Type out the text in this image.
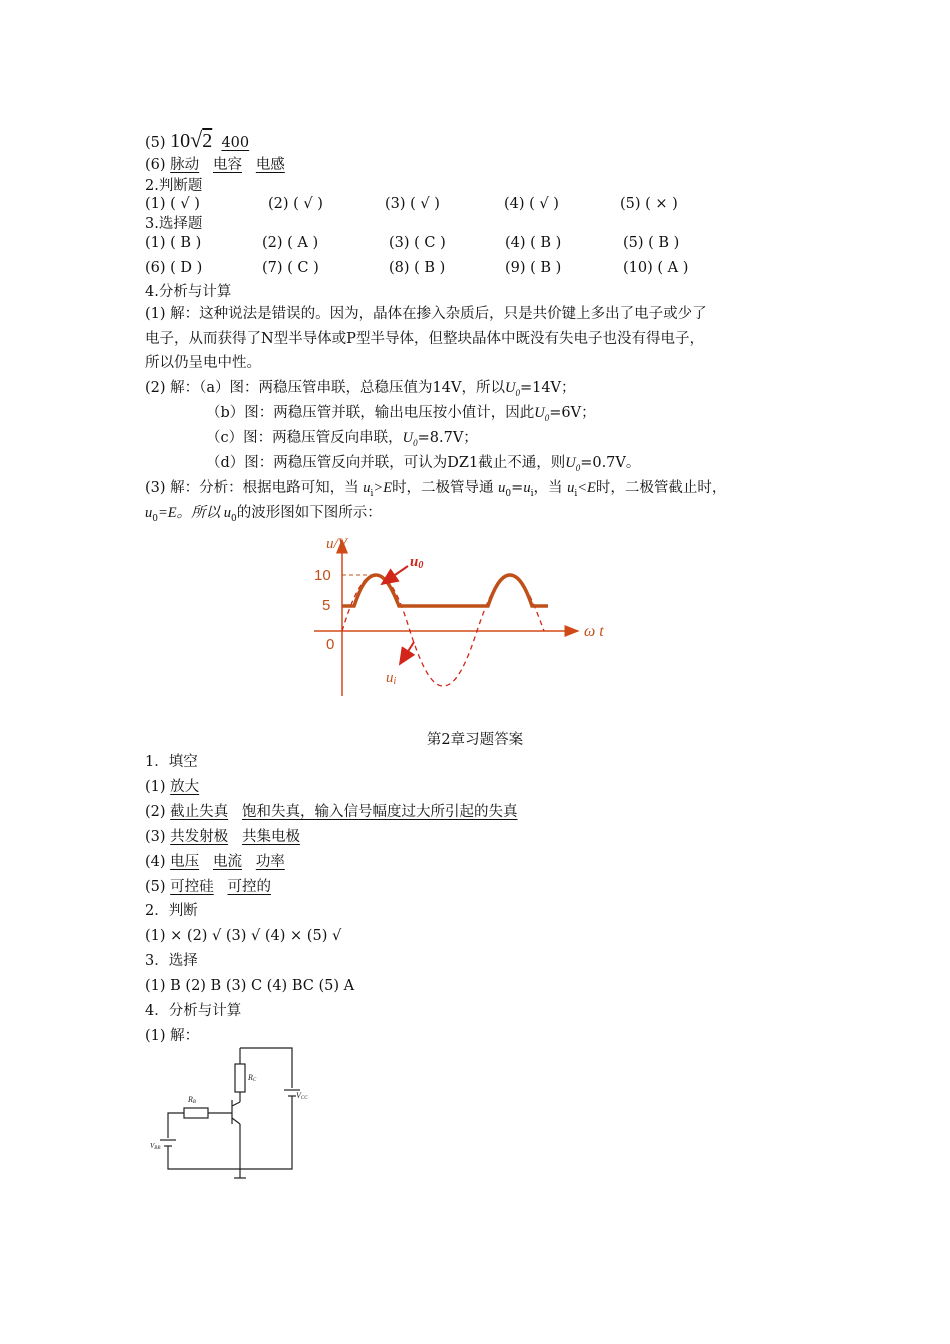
(5) 10√2 400
(6) 脉动 电容 电感
2.判断题
(1) ( √ )	(2) ( √ )	(3) ( √ )	(4) ( √ )	(5) ( × )
3.选择题
(1) ( B )	(2) ( A )	(3) ( C )	(4) ( B )	(5) ( B )
(6) ( D )	(7) ( C )	(8) ( B )	(9) ( B )	(10) ( A )
4.分析与计算
(1) 解：这种说法是错误的。因为，晶体在掺入杂质后，只是共价键上多出了电子或少了
电子，从而获得了N型半导体或P型半导体，但整块晶体中既没有失电子也没有得电子，
所以仍呈电中性。
(2) 解：（a）图：两稳压管串联，总稳压值为14V，所以$U_0=14V$；
（b）图：两稳压管并联，输出电压按小值计，因此$U_0=6V$；
（c）图：两稳压管反向串联，$U_0=8.7V$；
（d）图：两稳压管反向并联，可认为DZ1截止不通，则$U_0=0.7V$。
(3) 解：分析：根据电路可知，当 $u_i>E$时，二极管导通 $u_0=u_i$，当 $u_i<E$时，二极管截止时，
$u_0=E$。所以 $u_0$的波形图如下图所示：
u/V
ω t
10
5
0
u0
ui
第2章习题答案
1．填空
(1) 放大
(2) 截止失真 饱和失真，输入信号幅度过大所引起的失真
(3) 共发射极 共集电极
(4) 电压 电流 功率
(5) 可控硅 可控的
2．判断
(1) × (2) √ (3) √ (4) × (5) √
3．选择
(1) B (2) B (3) C (4) BC (5) A
4．分析与计算
(1) 解：
RC
VCC
RB
VBB
